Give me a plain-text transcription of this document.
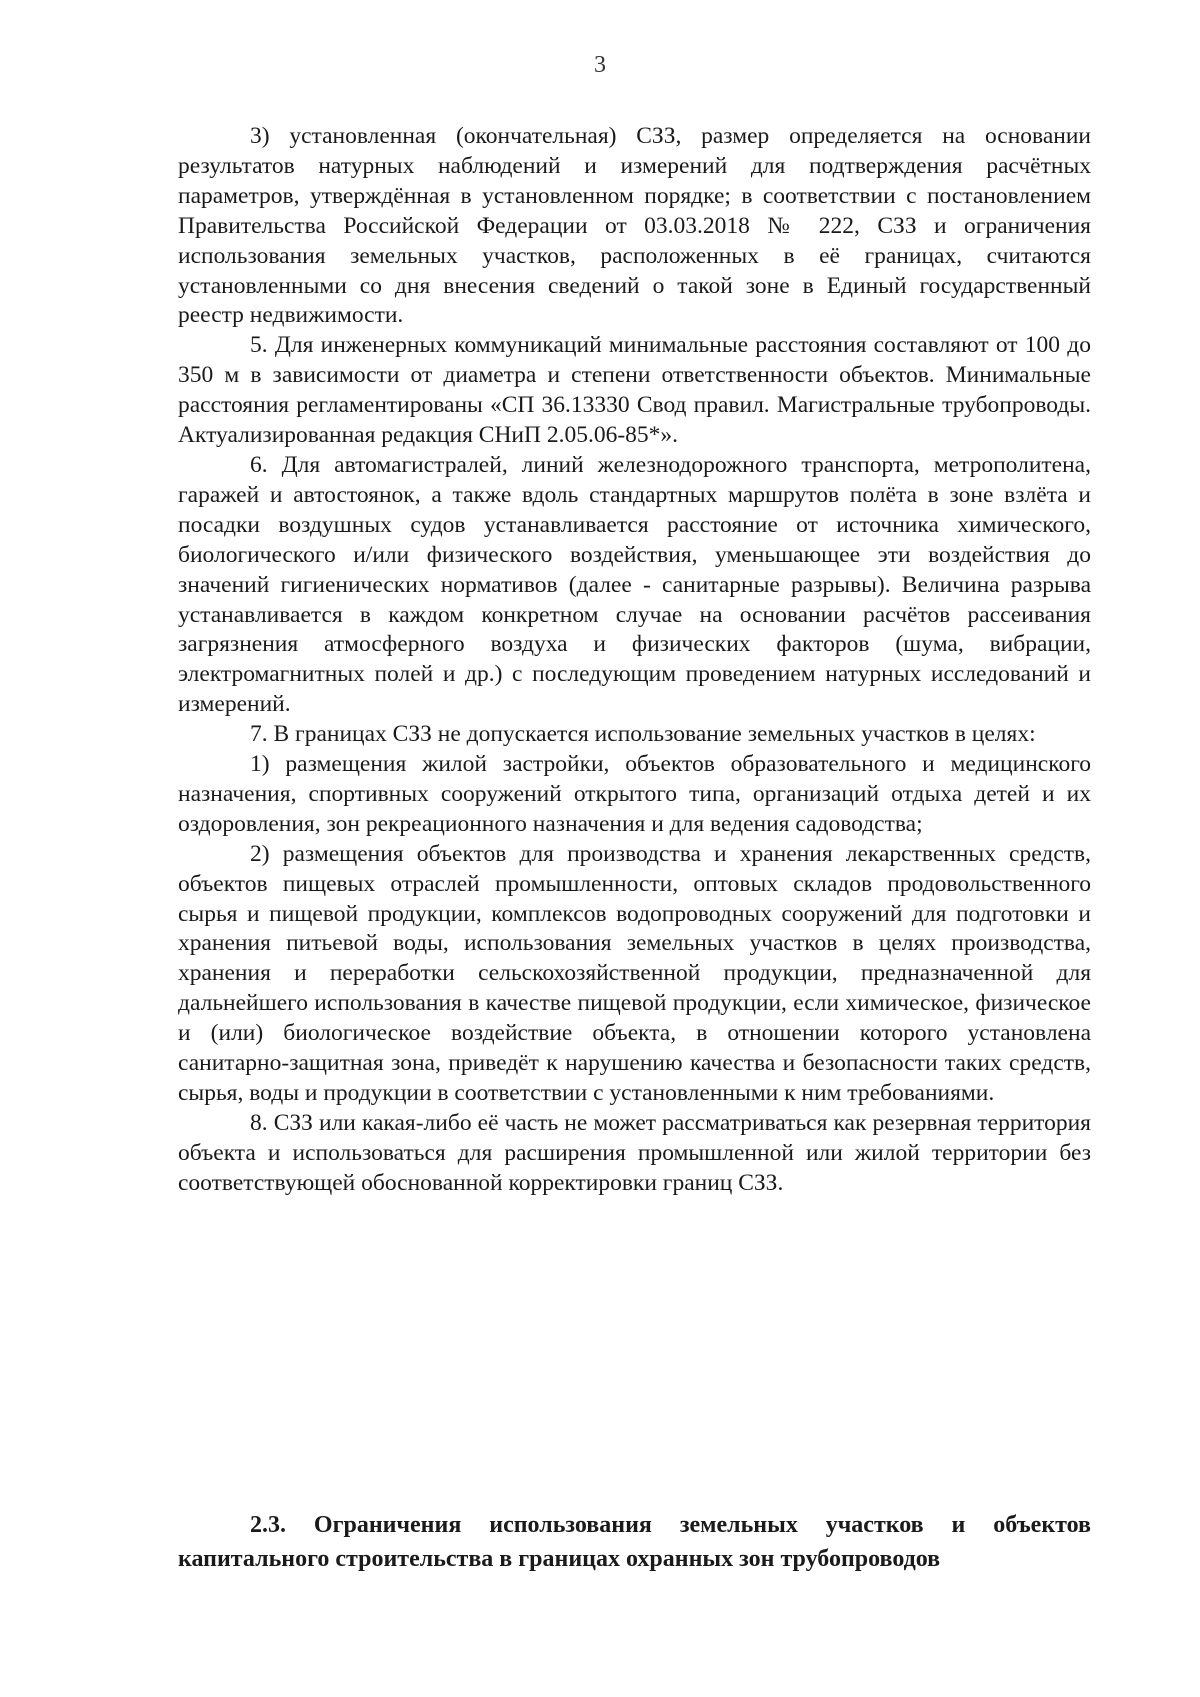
3

3) установленная (окончательная) СЗЗ, размер определяется на основании результатов натурных наблюдений и измерений для подтверждения расчётных параметров, утверждённая в установленном порядке; в соответствии с постановлением Правительства Российской Федерации от 03.03.2018 № 222, СЗЗ и ограничения использования земельных участков, расположенных в её границах, считаются установленными со дня внесения сведений о такой зоне в Единый государственный реестр недвижимости.

5. Для инженерных коммуникаций минимальные расстояния составляют от 100 до 350 м в зависимости от диаметра и степени ответственности объектов. Минимальные расстояния регламентированы «СП 36.13330 Свод правил. Магистральные трубопроводы. Актуализированная редакция СНиП 2.05.06-85*».

6. Для автомагистралей, линий железнодорожного транспорта, метрополитена, гаражей и автостоянок, а также вдоль стандартных маршрутов полёта в зоне взлёта и посадки воздушных судов устанавливается расстояние от источника химического, биологического и/или физического воздействия, уменьшающее эти воздействия до значений гигиенических нормативов (далее - санитарные разрывы). Величина разрыва устанавливается в каждом конкретном случае на основании расчётов рассеивания загрязнения атмосферного воздуха и физических факторов (шума, вибрации, электромагнитных полей и др.) с последующим проведением натурных исследований и измерений.

7. В границах СЗЗ не допускается использование земельных участков в целях:

1) размещения жилой застройки, объектов образовательного и медицинского назначения, спортивных сооружений открытого типа, организаций отдыха детей и их оздоровления, зон рекреационного назначения и для ведения садоводства;

2) размещения объектов для производства и хранения лекарственных средств, объектов пищевых отраслей промышленности, оптовых складов продовольственного сырья и пищевой продукции, комплексов водопроводных сооружений для подготовки и хранения питьевой воды, использования земельных участков в целях производства, хранения и переработки сельскохозяйственной продукции, предназначенной для дальнейшего использования в качестве пищевой продукции, если химическое, физическое и (или) биологическое воздействие объекта, в отношении которого установлена санитарно-защитная зона, приведёт к нарушению качества и безопасности таких средств, сырья, воды и продукции в соответствии с установленными к ним требованиями.

8. СЗЗ или какая-либо её часть не может рассматриваться как резервная территория объекта и использоваться для расширения промышленной или жилой территории без соответствующей обоснованной корректировки границ СЗЗ.

2.3. Ограничения использования земельных участков и объектов капитального строительства в границах охранных зон трубопроводов
